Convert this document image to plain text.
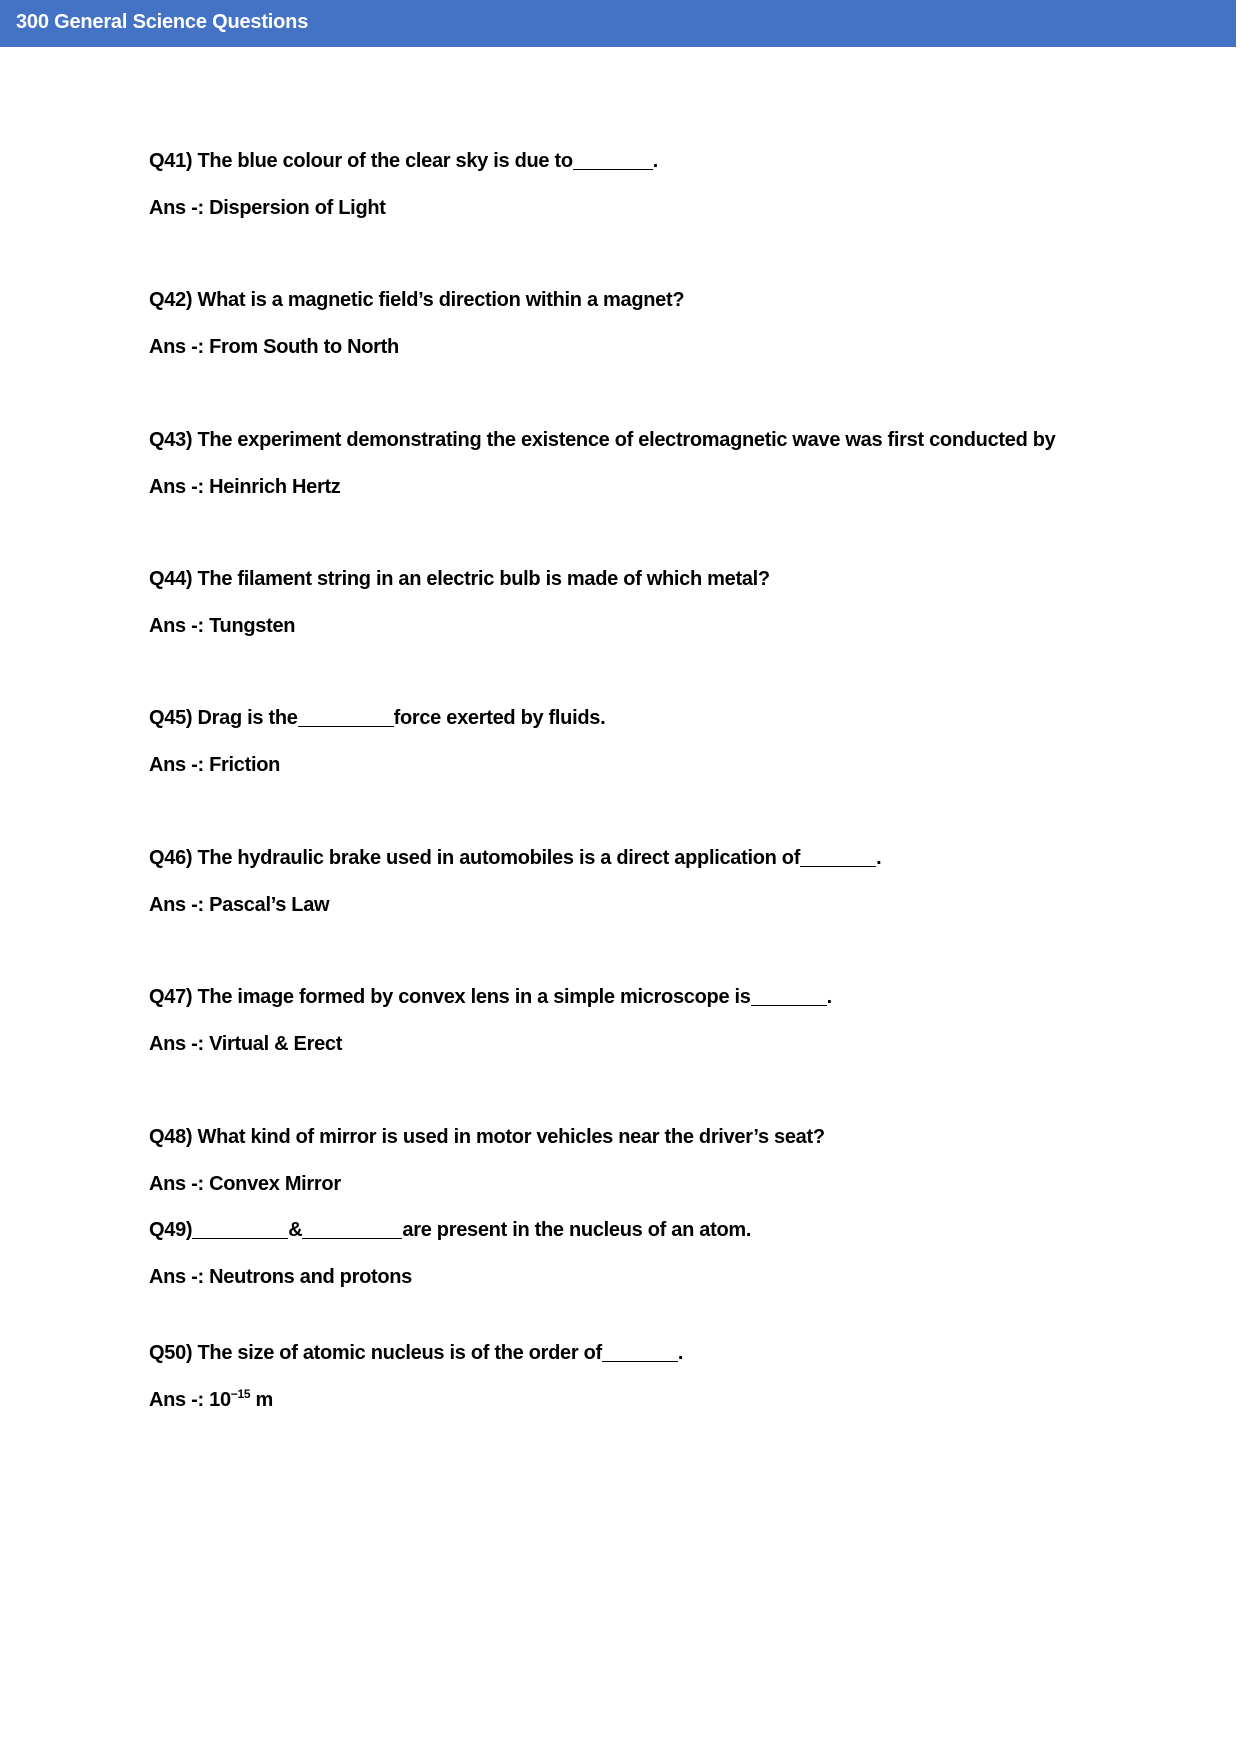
300 General Science Questions
Q41) The blue colour of the clear sky is due to	.
Ans -: Dispersion of Light
Q42) What is a magnetic field’s direction within a magnet?
Ans -: From South to North
Q43) The experiment demonstrating the existence of electromagnetic wave was first conducted by
Ans -: Heinrich Hertz
Q44) The filament string in an electric bulb is made of which metal?
Ans -: Tungsten
Q45) Drag is the	force exerted by fluids.
Ans -: Friction
Q46) The hydraulic brake used in automobiles is a direct application of	.
Ans -: Pascal’s Law
Q47) The image formed by convex lens in a simple microscope is	.
Ans -: Virtual & Erect
Q48) What kind of mirror is used in motor vehicles near the driver’s seat?
Ans -: Convex Mirror
Q49)	&	are present in the nucleus of an atom.
Ans -: Neutrons and protons
Q50) The size of atomic nucleus is of the order of	.
Ans -: $10^{-15}$ m
